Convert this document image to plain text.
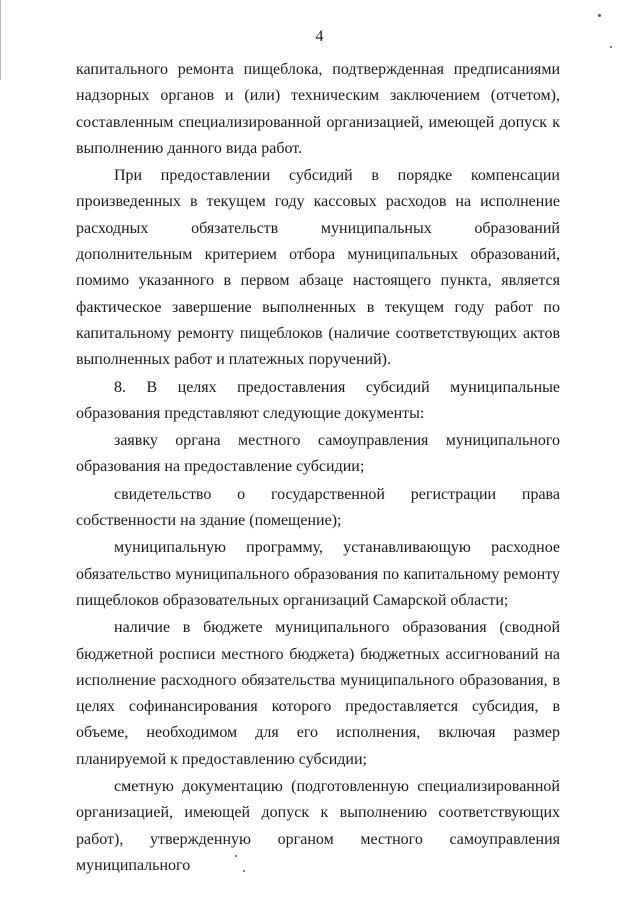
4

капитального ремонта пищеблока, подтвержденная предписаниями надзорных органов и (или) техническим заключением (отчетом), составленным специализированной организацией, имеющей допуск к выполнению данного вида работ.

При предоставлении субсидий в порядке компенсации произведенных в текущем году кассовых расходов на исполнение расходных обязательств муниципальных образований дополнительным критерием отбора муниципальных образований, помимо указанного в первом абзаце настоящего пункта, является фактическое завершение выполненных в текущем году работ по капитальному ремонту пищеблоков (наличие соответствующих актов выполненных работ и платежных поручений).

8. В целях предоставления субсидий муниципальные образования представляют следующие документы:

заявку органа местного самоуправления муниципального образования на предоставление субсидии;

свидетельство о государственной регистрации права собственности на здание (помещение);

муниципальную программу, устанавливающую расходное обязательство муниципального образования по капитальному ремонту пищеблоков образовательных организаций Самарской области;

наличие в бюджете муниципального образования (сводной бюджетной росписи местного бюджета) бюджетных ассигнований на исполнение расходного обязательства муниципального образования, в целях софинансирования которого предоставляется субсидия, в объеме, необходимом для его исполнения, включая размер планируемой к предоставлению субсидии;

сметную документацию (подготовленную специализированной организацией, имеющей допуск к выполнению соответствующих работ), утвержденную органом местного самоуправления муниципального
